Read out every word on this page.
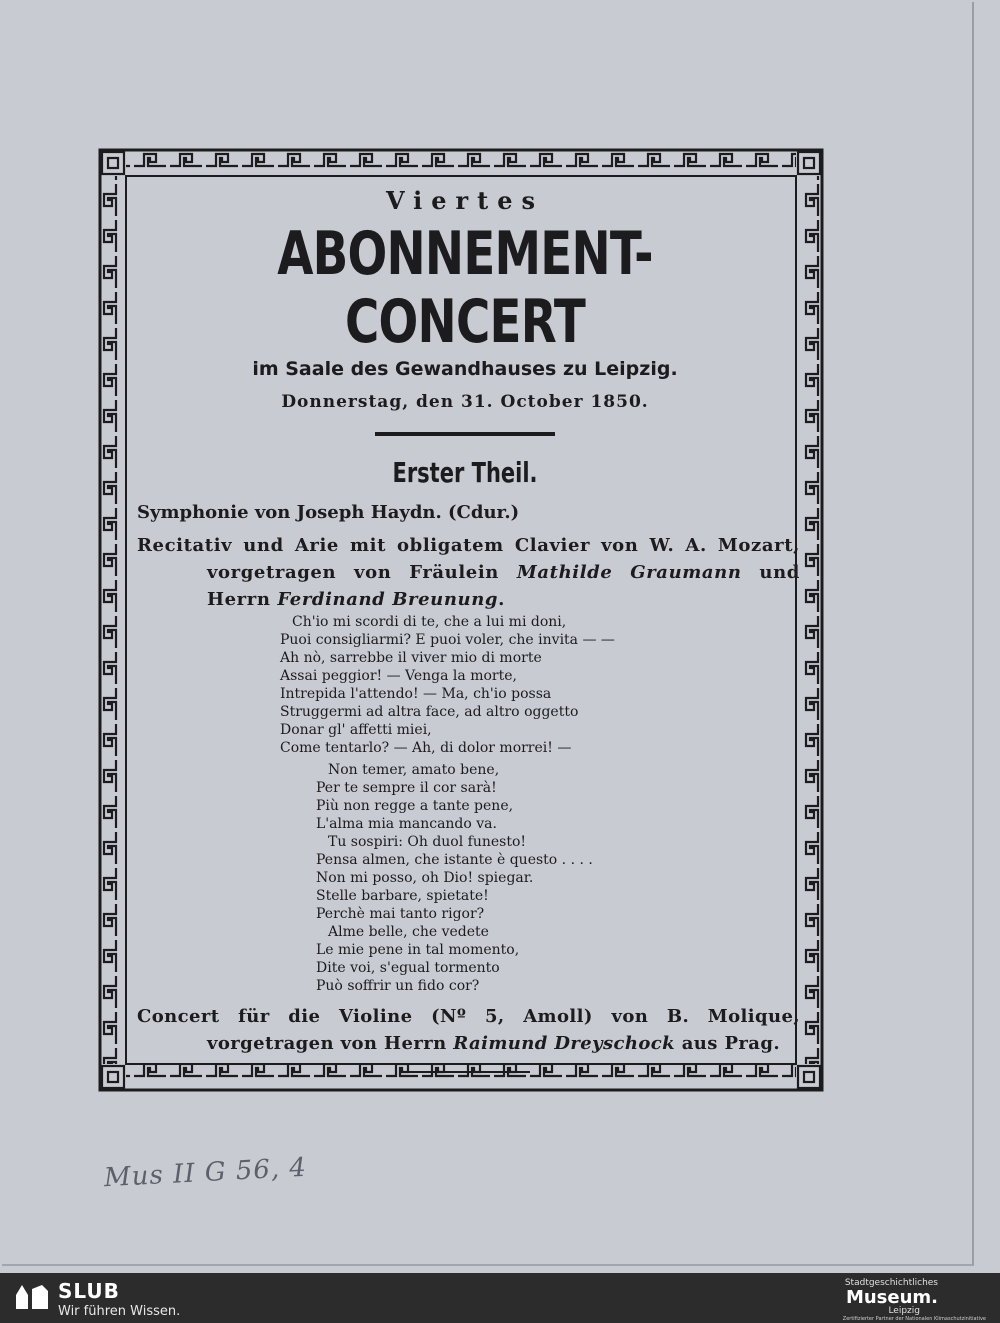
Viertes
ABONNEMENT-CONCERT
im Saale des Gewandhauses zu Leipzig.
Donnerstag, den 31. October 1850.
Erster Theil.
Symphonie von Joseph Haydn. (Cdur.)
Recitativ und Arie mit obligatem Clavier von W. A. Mozart, vorgetragen von Fräulein Mathilde Graumann und Herrn Ferdinand Breunung.
Ch'io mi scordi di te, che a lui mi doni,
Puoi consigliarmi? E puoi voler, che invita — —
Ah nò, sarrebbe il viver mio di morte
Assai peggior! — Venga la morte,
Intrepida l'attendo! — Ma, ch'io possa
Struggermi ad altra face, ad altro oggetto
Donar gl' affetti miei,
Come tentarlo? — Ah, di dolor morrei! —
Non temer, amato bene,
Per te sempre il cor sarà!
Più non regge a tante pene,
L'alma mia mancando va.
Tu sospiri: Oh duol funesto!
Pensa almen, che istante è questo . . . .
Non mi posso, oh Dio! spiegar.
Stelle barbare, spietate!
Perchè mai tanto rigor?
Alme belle, che vedete
Le mie pene in tal momento,
Dite voi, s'egual tormento
Può soffrir un fido cor?
Concert für die Violine (Nº 5, Amoll) von B. Molique, vorgetragen von Herrn Raimund Dreyschock aus Prag.
Mus II G 56, 4
SLUB
Wir führen Wissen.
Stadtgeschichtliches
Museum.
Leipzig
Zertifizierter Partner der Nationalen Klimaschutzinitiative
